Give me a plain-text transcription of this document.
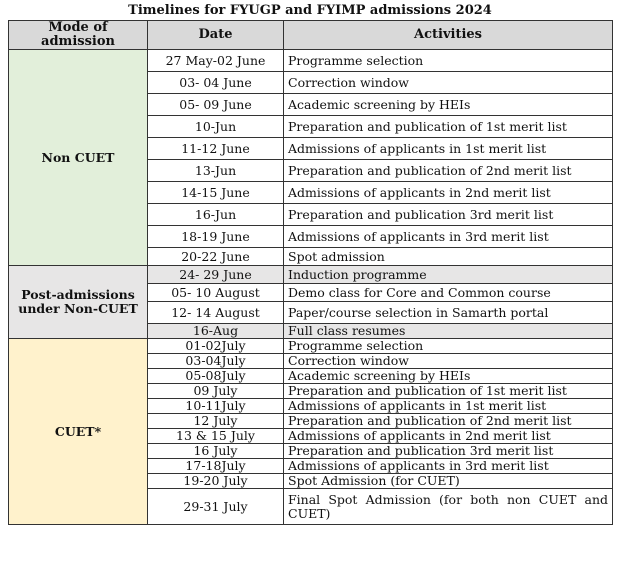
Timelines for FYUGP and FYIMP admissions 2024
Mode of admission	Date	Activities
Non CUET	27 May-02 June	Programme selection
	03- 04 June	Correction window
	05- 09 June	Academic screening by HEIs
	10-Jun	Preparation and publication of 1st merit list
	11-12 June	Admissions of applicants in 1st merit list
	13-Jun	Preparation and publication of 2nd merit list
	14-15 June	Admissions of applicants in 2nd merit list
	16-Jun	Preparation and publication 3rd merit list
	18-19 June	Admissions of applicants in 3rd merit list
	20-22 June	Spot admission
Post-admissions under Non-CUET	24- 29 June	Induction programme
	05- 10 August	Demo class for Core and Common course
	12- 14 August	Paper/course selection in Samarth portal
	16-Aug	Full class resumes
CUET*	01-02July	Programme selection
	03-04July	Correction window
	05-08July	Academic screening by HEIs
	09 July	Preparation and publication of 1st merit list
	10-11July	Admissions of applicants in 1st merit list
	12 July	Preparation and publication of 2nd merit list
	13 & 15 July	Admissions of applicants in 2nd merit list
	16 July	Preparation and publication 3rd merit list
	17-18July	Admissions of applicants in 3rd merit list
	19-20 July	Spot Admission (for CUET)
	29-31 July	Final Spot Admission (for both non CUET and CUET)
